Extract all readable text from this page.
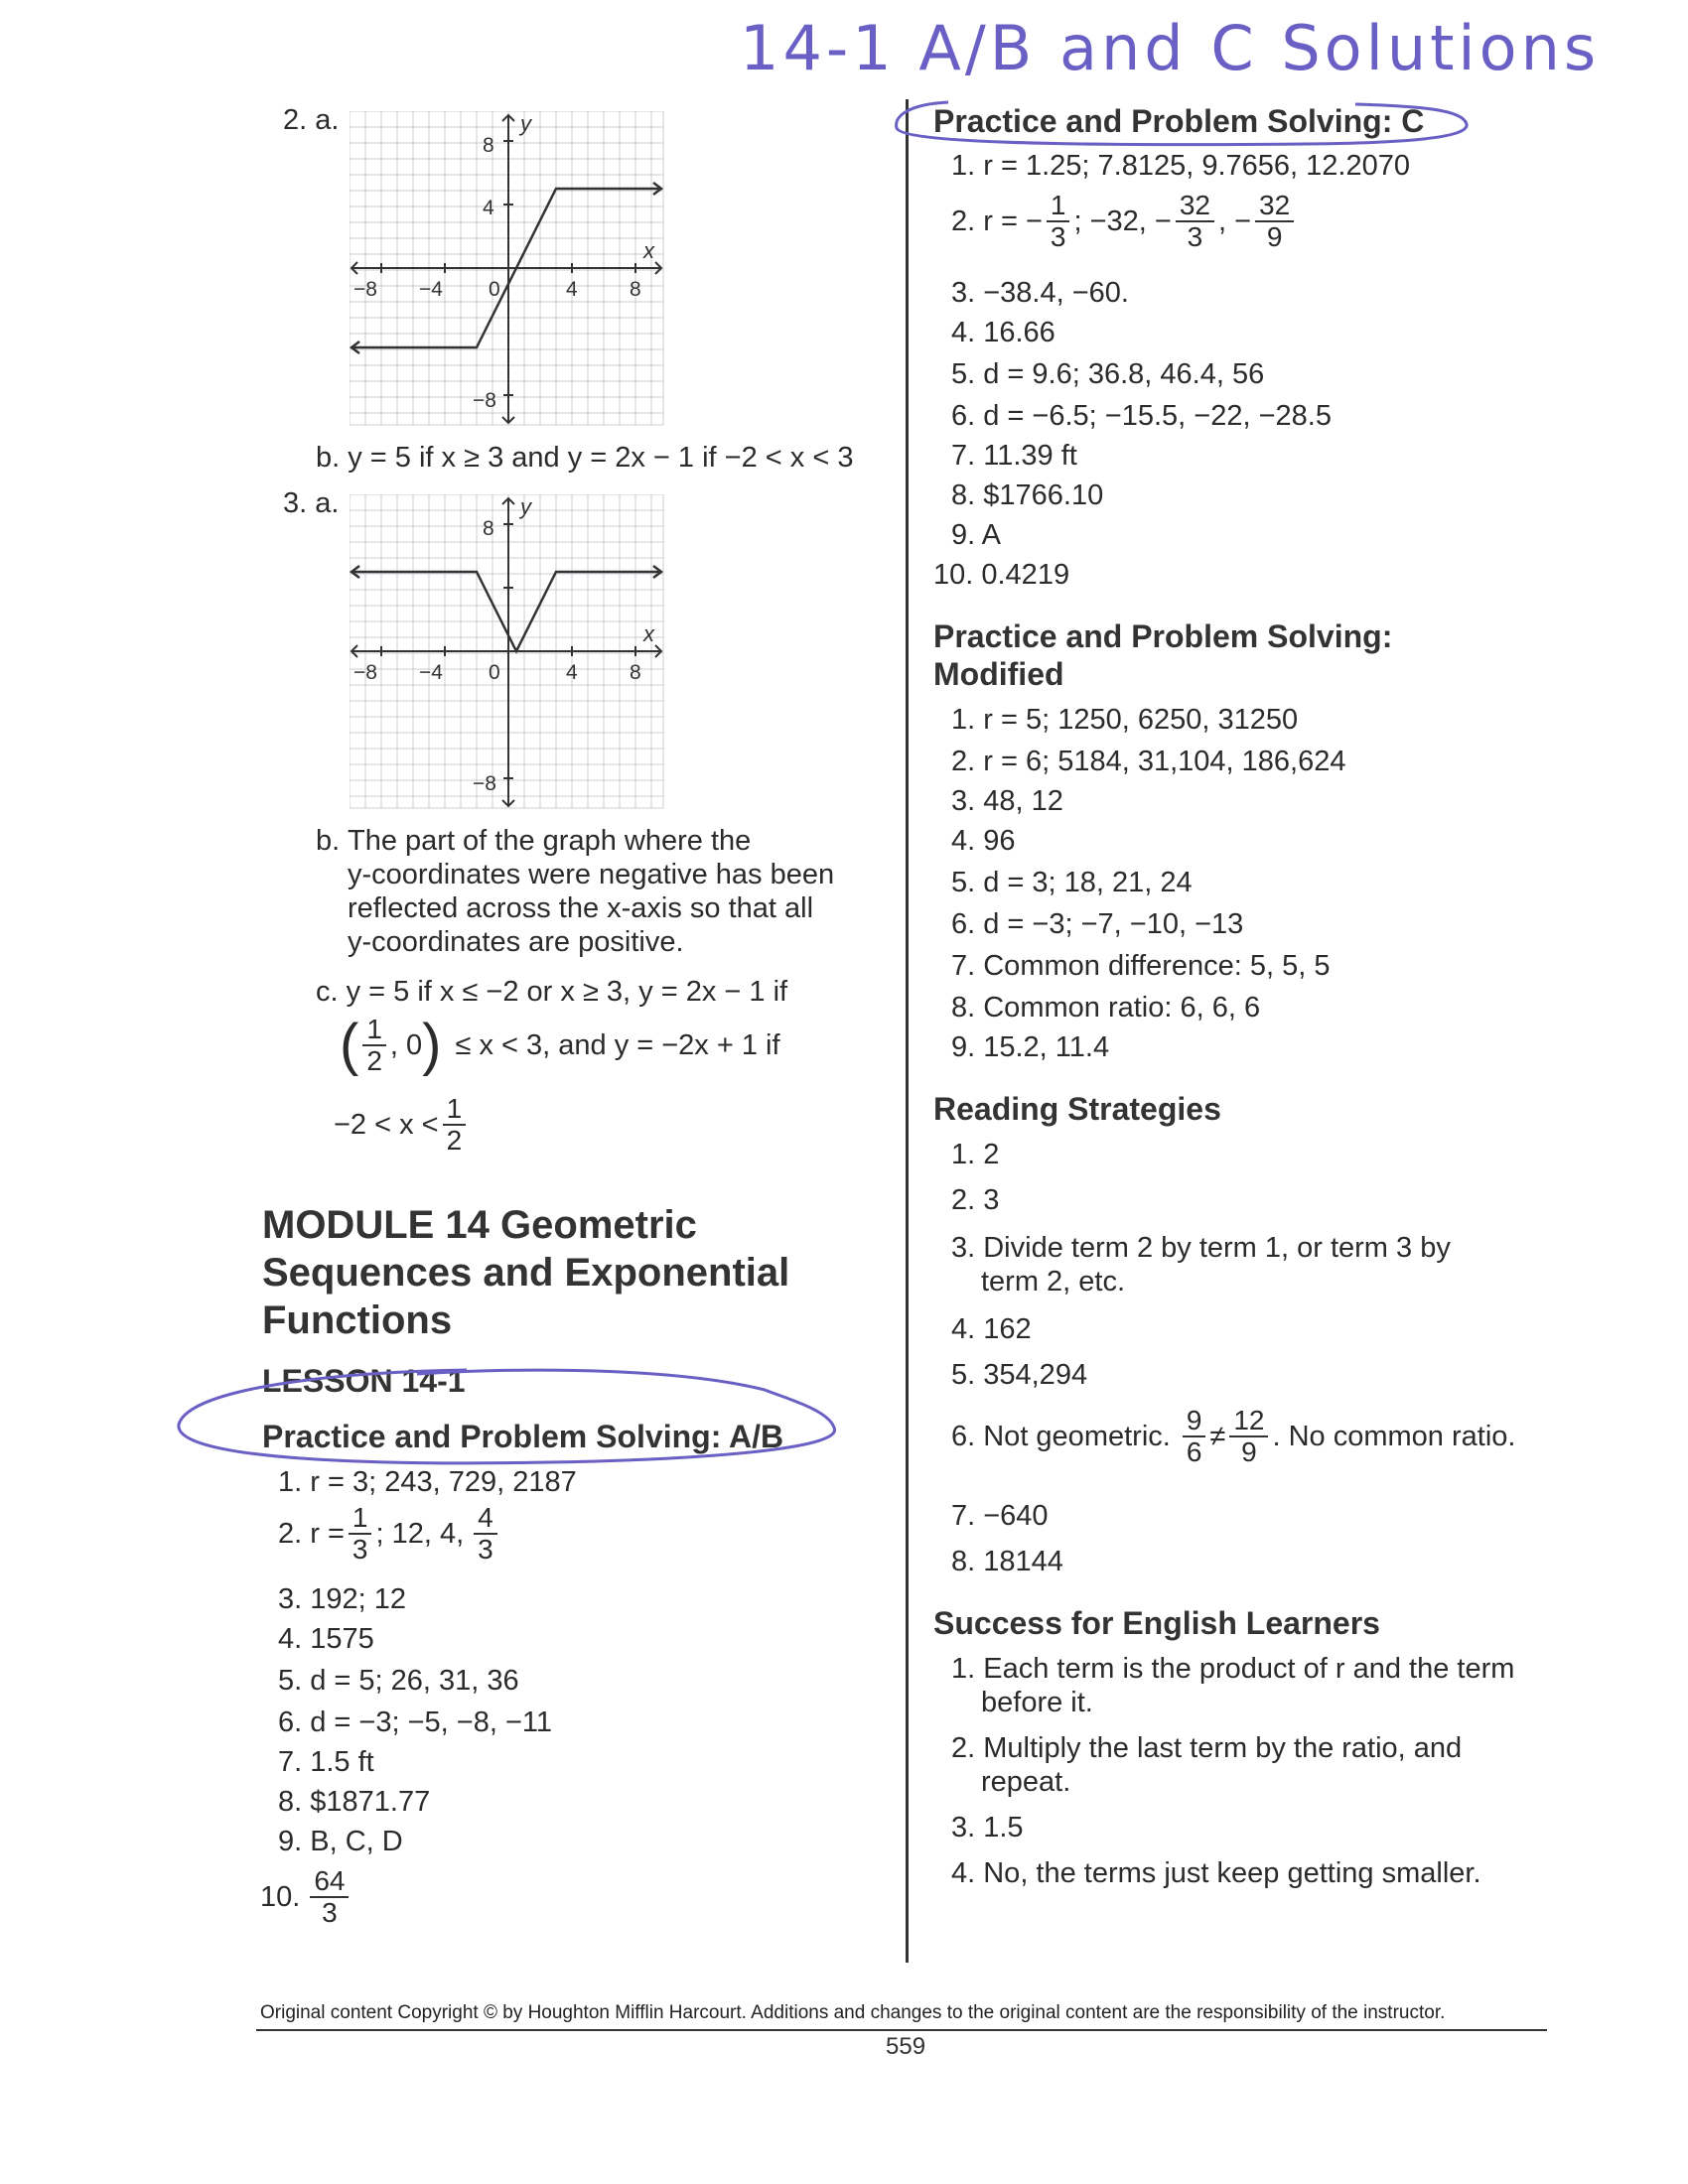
14-1 A/B and C Solutions
2. a.	y
x
8
4
−8
−8 −4 0	4 8
b. y = 5 if x ≥ 3 and y = 2x − 1 if −2 < x < 3
3. a.	y
x
8
−8
−8 −4 0	4 8
b. The part of the graph where the
y-coordinates were negative has been
reflected across the x-axis so that all
y-coordinates are positive.
c. y = 5 if x ≤ −2 or x ≥ 3, y = 2x − 1 if
( $\frac{1}{2}$ , 0 ) ≤ x < 3, and y = −2x + 1 if
$-2 < x < \frac{1}{2}$
MODULE 14 Geometric Sequences and Exponential Functions
LESSON 14-1
Practice and Problem Solving: A/B
1. r = 3; 243, 729, 2187
2. $r = \frac{1}{3}$ ; 12, 4, $\frac{4}{3}$
3. 192; 12
4. 1575
5. d = 5; 26, 31, 36
6. d = −3; −5, −8, −11
7. 1.5 ft
8. $1871.77
9. B, C, D
10. $\frac{64}{3}$
Practice and Problem Solving: C
1. r = 1.25; 7.8125, 9.7656, 12.2070
2. r = − $\frac{1}{3}$ ; −32, − $\frac{32}{3}$ , − $\frac{32}{9}$
3. −38.4, −60.
4. 16.66
5. d = 9.6; 36.8, 46.4, 56
6. d = −6.5; −15.5, −22, −28.5
7. 11.39 ft
8. $1766.10
9. A
10. 0.4219
Practice and Problem Solving:
Modified
1. r = 5; 1250, 6250, 31250
2. r = 6; 5184, 31,104, 186,624
3. 48, 12
4. 96
5. d = 3; 18, 21, 24
6. d = −3; −7, −10, −13
7. Common difference: 5, 5, 5
8. Common ratio: 6, 6, 6
9. 15.2, 11.4
Reading Strategies
1. 2
2. 3
3. Divide term 2 by term 1, or term 3 by
term 2, etc.
4. 162
5. 354,294
6. Not geometric. $\frac{9}{6} \ne \frac{12}{9}$ . No common ratio.
7. −640
8. 18144
Success for English Learners
1. Each term is the product of r and the term
before it.
2. Multiply the last term by the ratio, and
repeat.
3. 1.5
4. No, the terms just keep getting smaller.
Original content Copyright © by Houghton Mifflin Harcourt. Additions and changes to the original content are the responsibility of the instructor.
559
